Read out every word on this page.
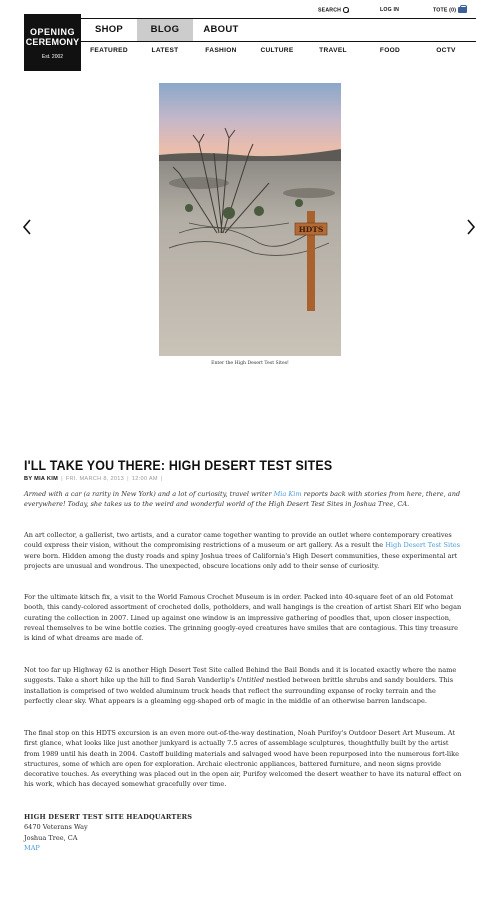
OPENING
CEREMONY
Est. 2002
SEARCH	LOG IN	TOTE (0)
SHOP	BLOG	ABOUT
FEATURED	LATEST	FASHION	CULTURE	TRAVEL	FOOD	OCTV
HDTS
Enter the High Desert Test Sites!
I'LL TAKE YOU THERE: HIGH DESERT TEST SITES
BY MIA KIM | FRI. MARCH 8, 2013 | 12:00 AM |
Armed with a car (a rarity in New York) and a lot of curiosity, travel writer Mia Kim reports back with stories from here, there, and everywhere! Today, she takes us to the weird and wonderful world of the High Desert Test Sites in Joshua Tree, CA.
An art collector, a gallerist, two artists, and a curator came together wanting to provide an outlet where contemporary creatives could express their vision, without the compromising restrictions of a museum or art gallery. As a result the High Desert Test Sites were born. Hidden among the dusty roads and spiny Joshua trees of California's High Desert communities, these experimental art projects are unusual and wondrous. The unexpected, obscure locations only add to their sense of curiosity.
For the ultimate kitsch fix, a visit to the World Famous Crochet Museum is in order. Packed into 40-square feet of an old Fotomat booth, this candy-colored assortment of crocheted dolls, potholders, and wall hangings is the creation of artist Shari Elf who began curating the collection in 2007. Lined up against one window is an impressive gathering of poodles that, upon closer inspection, reveal themselves to be wine bottle cozies. The grinning googly-eyed creatures have smiles that are contagious. This tiny treasure is kind of what dreams are made of.
Not too far up Highway 62 is another High Desert Test Site called Behind the Bail Bonds and it is located exactly where the name suggests. Take a short hike up the hill to find Sarah Vanderlip's Untitled nestled between brittle shrubs and sandy boulders. This installation is comprised of two welded aluminum truck heads that reflect the surrounding expanse of rocky terrain and the perfectly clear sky. What appears is a gleaming egg-shaped orb of magic in the middle of an otherwise barren landscape.
The final stop on this HDTS excursion is an even more out-of-the-way destination, Noah Purifoy's Outdoor Desert Art Museum. At first glance, what looks like just another junkyard is actually 7.5 acres of assemblage sculptures, thoughtfully built by the artist from 1989 until his death in 2004. Castoff building materials and salvaged wood have been repurposed into the numerous fort-like structures, some of which are open for exploration. Archaic electronic appliances, battered furniture, and neon signs provide decorative touches. As everything was placed out in the open air, Purifoy welcomed the desert weather to have its natural effect on his work, which has decayed somewhat gracefully over time.
HIGH DESERT TEST SITE HEADQUARTERS
6470 Veterans Way
Joshua Tree, CA
MAP
